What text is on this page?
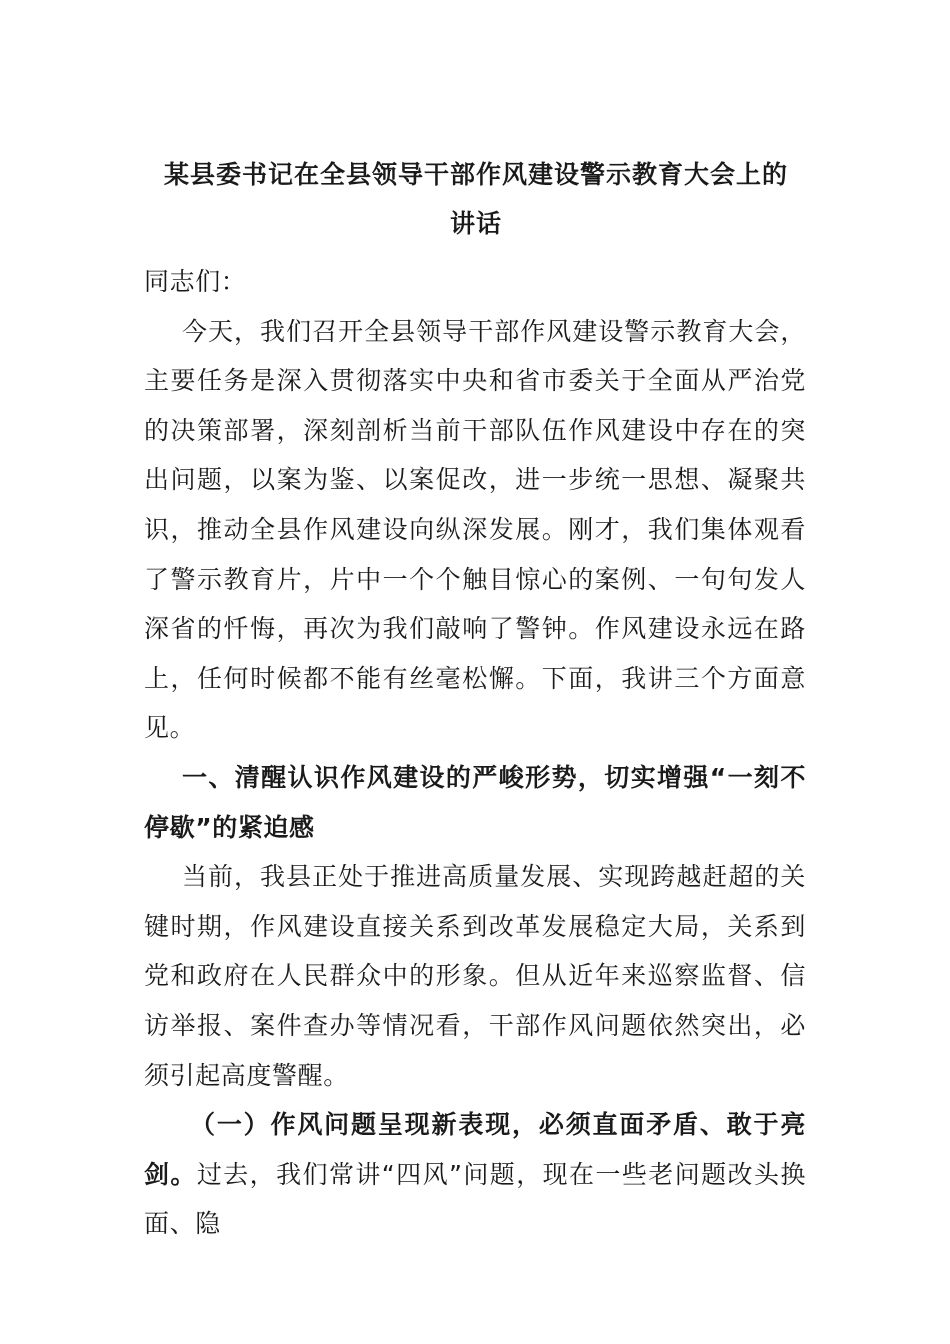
某县委书记在全县领导干部作风建设警示教育大会上的讲话

同志们：

今天，我们召开全县领导干部作风建设警示教育大会，主要任务是深入贯彻落实中央和省市委关于全面从严治党的决策部署，深刻剖析当前干部队伍作风建设中存在的突出问题，以案为鉴、以案促改，进一步统一思想、凝聚共识，推动全县作风建设向纵深发展。刚才，我们集体观看了警示教育片，片中一个个触目惊心的案例、一句句发人深省的忏悔，再次为我们敲响了警钟。作风建设永远在路上，任何时候都不能有丝毫松懈。下面，我讲三个方面意见。

一、清醒认识作风建设的严峻形势，切实增强“一刻不停歇”的紧迫感

当前，我县正处于推进高质量发展、实现跨越赶超的关键时期，作风建设直接关系到改革发展稳定大局，关系到党和政府在人民群众中的形象。但从近年来巡察监督、信访举报、案件查办等情况看，干部作风问题依然突出，必须引起高度警醒。

（一）作风问题呈现新表现，必须直面矛盾、敢于亮剑。过去，我们常讲“四风”问题，现在一些老问题改头换面、隐
